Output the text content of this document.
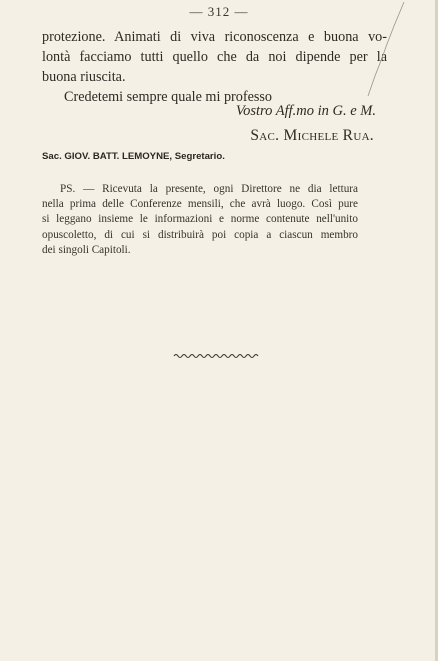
— 312 —
protezione. Animati di viva riconoscenza e buona vo-
lontà facciamo tutti quello che da noi dipende per la
buona riuscita.
Credetemi sempre quale mi professo
Vostro Aff.mo in G. e M.
Sac. Michele Rua.
Sac. GIOV. BATT. LEMOYNE, Segretario.
PS. — Ricevuta la presente, ogni Direttore ne dia lettura
nella prima delle Conferenze mensili, che avrà luogo. Così pure
si leggano insieme le informazioni e norme contenute nell'unito
opuscoletto, di cui si distribuirà poi copia a ciascun membro
dei singoli Capitoli.
